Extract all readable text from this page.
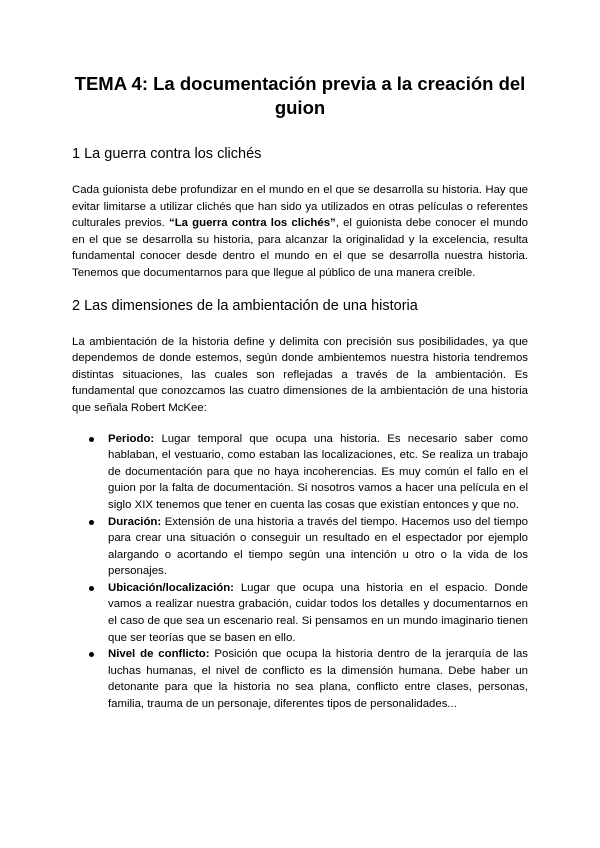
TEMA 4: La documentación previa a la creación del guion
1 La guerra contra los clichés

Cada guionista debe profundizar en el mundo en el que se desarrolla su historia. Hay que evitar limitarse a utilizar clichés que han sido ya utilizados en otras películas o referentes culturales previos. “La guerra contra los clichés”, el guionista debe conocer el mundo en el que se desarrolla su historia, para alcanzar la originalidad y la excelencia, resulta fundamental conocer desde dentro el mundo en el que se desarrolla nuestra historia. Tenemos que documentarnos para que llegue al público de una manera creíble.

2 Las dimensiones de la ambientación de una historia

La ambientación de la historia define y delimita con precisión sus posibilidades, ya que dependemos de donde estemos, según donde ambientemos nuestra historia tendremos distintas situaciones, las cuales son reflejadas a través de la ambientación. Es fundamental que conozcamos las cuatro dimensiones de la ambientación de una historia que señala Robert McKee:

Periodo: Lugar temporal que ocupa una historia. Es necesario saber como hablaban, el vestuario, como estaban las localizaciones, etc. Se realiza un trabajo de documentación para que no haya incoherencias. Es muy común el fallo en el guion por la falta de documentación. Si nosotros vamos a hacer una película en el siglo XIX tenemos que tener en cuenta las cosas que existían entonces y que no.
Duración: Extensión de una historia a través del tiempo. Hacemos uso del tiempo para crear una situación o conseguir un resultado en el espectador por ejemplo alargando o acortando el tiempo según una intención u otro o la vida de los personajes.
Ubicación/localización: Lugar que ocupa una historia en el espacio. Donde vamos a realizar nuestra grabación, cuidar todos los detalles y documentarnos en el caso de que sea un escenario real. Si pensamos en un mundo imaginario tienen que ser teorías que se basen en ello.
Nivel de conflicto: Posición que ocupa la historia dentro de la jerarquía de las luchas humanas, el nivel de conflicto es la dimensión humana. Debe haber un detonante para que la historia no sea plana, conflicto entre clases, personas, familia, trauma de un personaje, diferentes tipos de personalidades...
